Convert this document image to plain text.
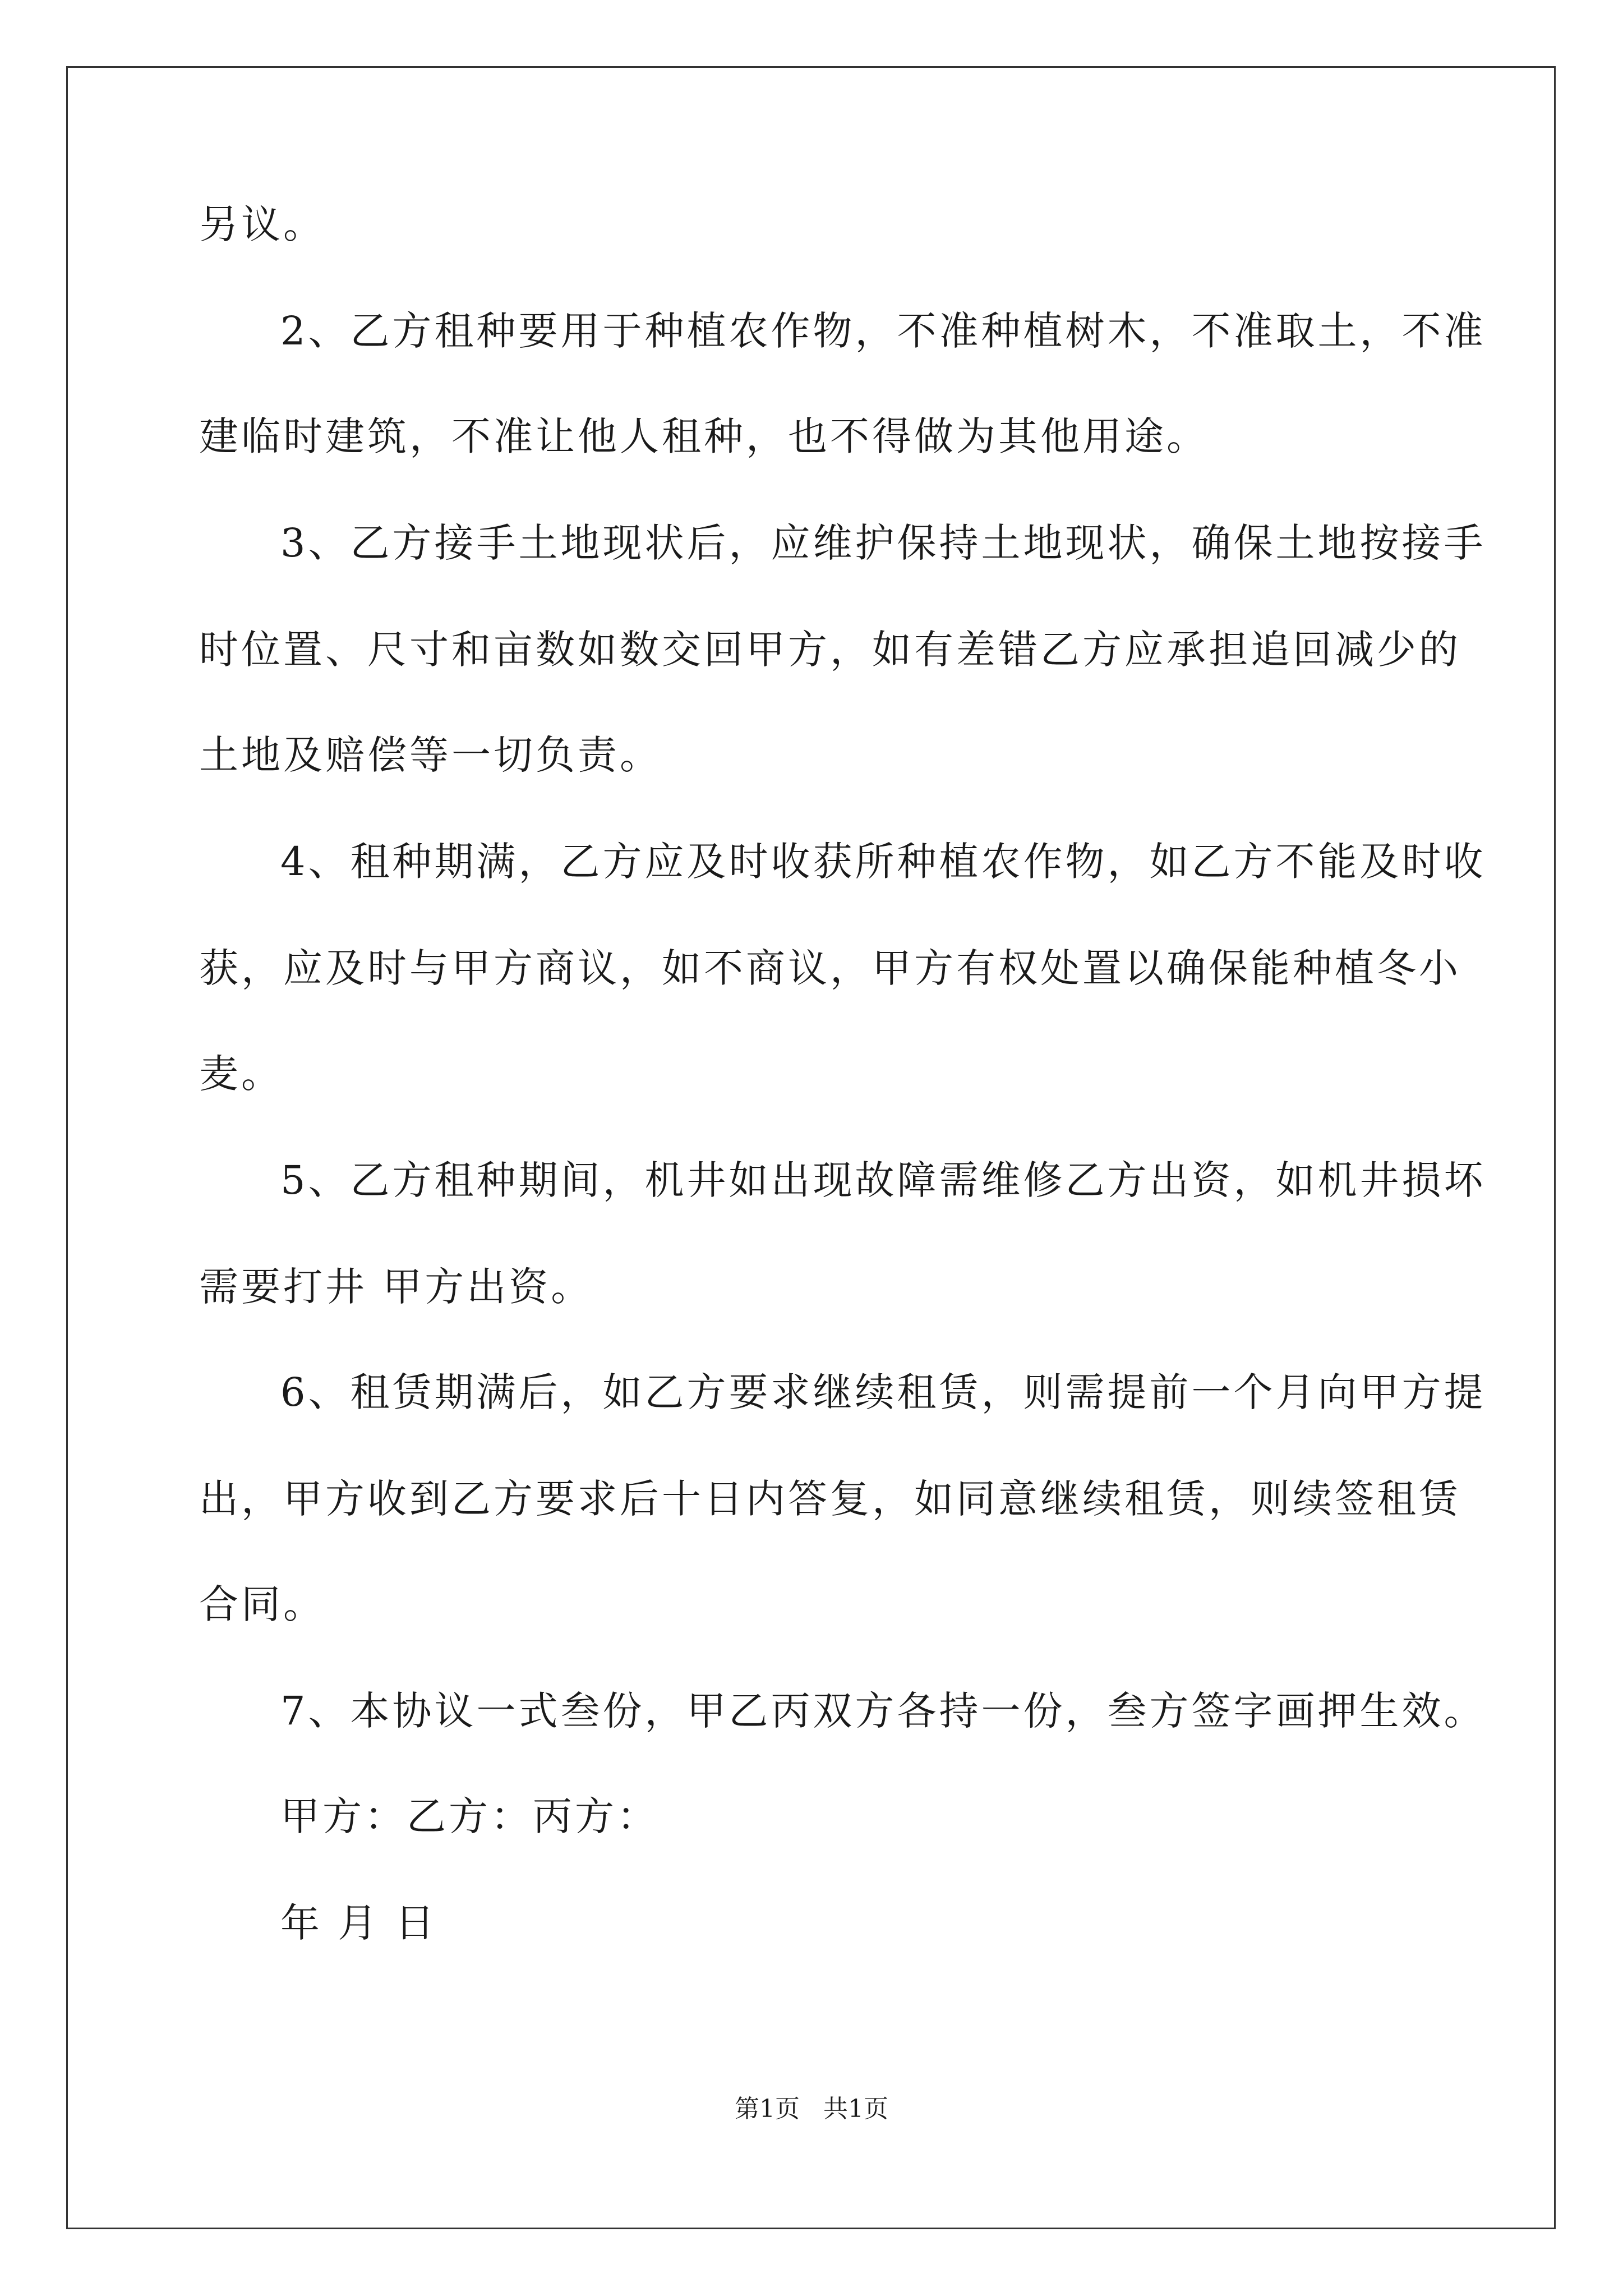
另议。
2、乙方租种要用于种植农作物，不准种植树木，不准取土，不准
建临时建筑，不准让他人租种，也不得做为其他用途。
3、乙方接手土地现状后，应维护保持土地现状，确保土地按接手
时位置、尺寸和亩数如数交回甲方，如有差错乙方应承担追回减少的
土地及赔偿等一切负责。
4、租种期满，乙方应及时收获所种植农作物，如乙方不能及时收
获，应及时与甲方商议，如不商议，甲方有权处置以确保能种植冬小
麦。
5、乙方租种期间，机井如出现故障需维修乙方出资，如机井损坏
需要打井 甲方出资。
6、租赁期满后，如乙方要求继续租赁，则需提前一个月向甲方提
出，甲方收到乙方要求后十日内答复，如同意继续租赁，则续签租赁
合同。
7、本协议一式叁份，甲乙丙双方各持一份，叁方签字画押生效。
甲方：乙方：丙方：
年 月 日
第1页   共1页
